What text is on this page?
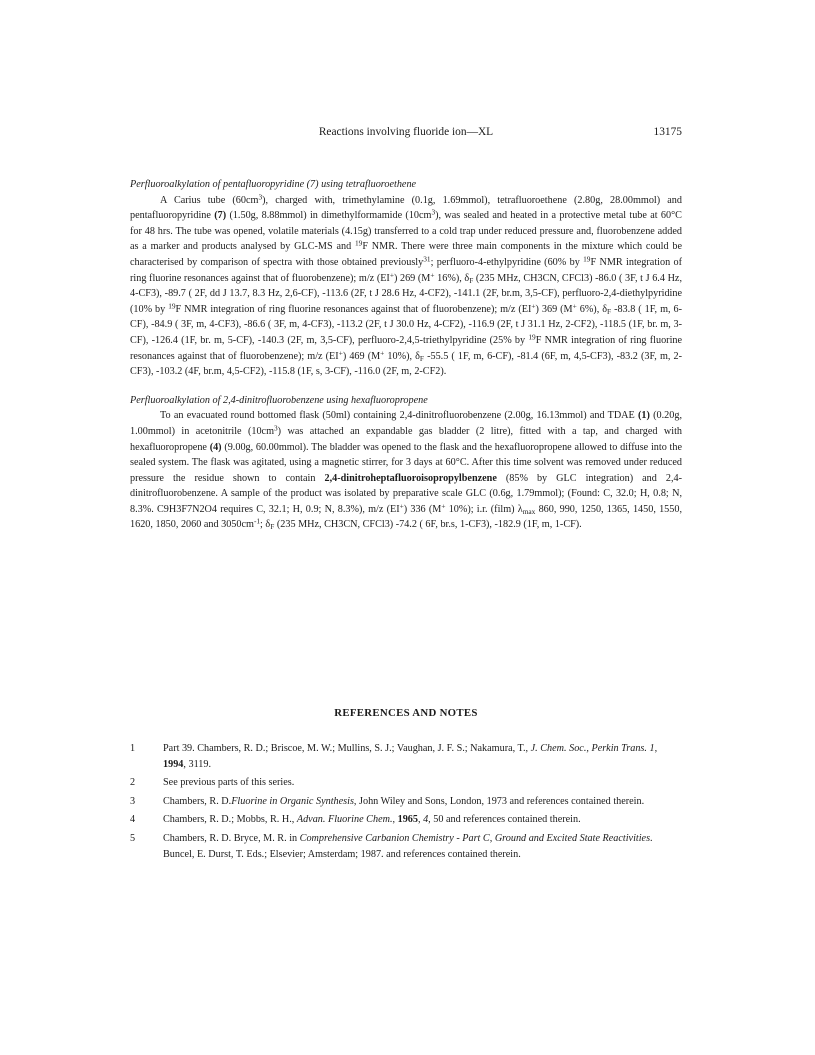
Reactions involving fluoride ion—XL	13175

Perfluoroalkylation of pentafluoropyridine (7) using tetrafluoroethene

A Carius tube $(60cm^3)$, charged with, trimethylamine (0.1g, 1.69mmol), tetrafluoroethene (2.80g, 28.00mmol) and pentafluoropyridine (7) (1.50g, 8.88mmol) in dimethylformamide $(10cm^3)$, was sealed and heated in a protective metal tube at 60°C for 48 hrs. The tube was opened, volatile materials (4.15g) transferred to a cold trap under reduced pressure and, fluorobenzene added as a marker and products analysed by GLC-MS and $^{19}$F NMR. There were three main components in the mixture which could be characterised by comparison of spectra with those obtained previously$^{31}$; perfluoro-4-ethylpyridine (60% by $^{19}$F NMR integration of ring fluorine resonances against that of fluorobenzene); m/z (EI+) 269 (M+ 16%), $\delta_F$ (235 MHz, CH3CN, CFCl3) -86.0 ( 3F, t J 6.4 Hz, 4-CF3), -89.7 ( 2F, dd J 13.7, 8.3 Hz, 2,6-CF), -113.6 (2F, t J 28.6 Hz, 4-CF2), -141.1 (2F, br.m, 3,5-CF), perfluoro-2,4-diethylpyridine (10% by $^{19}$F NMR integration of ring fluorine resonances against that of fluorobenzene); m/z (EI+) 369 (M+ 6%), $\delta_F$ -83.8 ( 1F, m, 6-CF), -84.9 ( 3F, m, 4-CF3), -86.6 ( 3F, m, 4-CF3), -113.2 (2F, t J 30.0 Hz, 4-CF2), -116.9 (2F, t J 31.1 Hz, 2-CF2), -118.5 (1F, br. m, 3-CF), -126.4 (1F, br. m, 5-CF), -140.3 (2F, m, 3,5-CF), perfluoro-2,4,5-triethylpyridine (25% by $^{19}$F NMR integration of ring fluorine resonances against that of fluorobenzene); m/z (EI+) 469 (M+ 10%), $\delta_F$ -55.5 ( 1F, m, 6-CF), -81.4 (6F, m, 4,5-CF3), -83.2 (3F, m, 2-CF3), -103.2 (4F, br.m, 4,5-CF2), -115.8 (1F, s, 3-CF), -116.0 (2F, m, 2-CF2).

Perfluoroalkylation of 2,4-dinitrofluorobenzene using hexafluoropropene

To an evacuated round bottomed flask (50ml) containing 2,4-dinitrofluorobenzene (2.00g, 16.13mmol) and TDAE (1) (0.20g, 1.00mmol) in acetonitrile $(10cm^3)$ was attached an expandable gas bladder (2 litre), fitted with a tap, and charged with hexafluoropropene (4) (9.00g, 60.00mmol). The bladder was opened to the flask and the hexafluoropropene allowed to diffuse into the sealed system. The flask was agitated, using a magnetic stirrer, for 3 days at 60°C. After this time solvent was removed under reduced pressure the residue shown to contain 2,4-dinitroheptafluoroisopropylbenzene (85% by GLC integration) and 2,4-dinitrofluorobenzene. A sample of the product was isolated by preparative scale GLC (0.6g, 1.79mmol); (Found: C, 32.0; H, 0.8; N, 8.3%. C9H3F7N2O4 requires C, 32.1; H, 0.9; N, 8.3%), m/z (EI+) 336 (M+ 10%); i.r. (film) $\lambda_{max}$ 860, 990, 1250, 1365, 1450, 1550, 1620, 1850, 2060 and $3050cm^{-1}$; $\delta_F$ (235 MHz, CH3CN, CFCl3) -74.2 ( 6F, br.s, 1-CF3), -182.9 (1F, m, 1-CF).

REFERENCES AND NOTES
1	Part 39. Chambers, R. D.; Briscoe, M. W.; Mullins, S. J.; Vaughan, J. F. S.; Nakamura, T., J. Chem. Soc., Perkin Trans. 1, 1994, 3119.
2	See previous parts of this series.
3	Chambers, R. D.Fluorine in Organic Synthesis, John Wiley and Sons, London, 1973 and references contained therein.
4	Chambers, R. D.; Mobbs, R. H., Advan. Fluorine Chem., 1965, 4, 50 and references contained therein.
5	Chambers, R. D. Bryce, M. R. in Comprehensive Carbanion Chemistry - Part C, Ground and Excited State Reactivities. Buncel, E. Durst, T. Eds.; Elsevier; Amsterdam; 1987. and references contained therein.
